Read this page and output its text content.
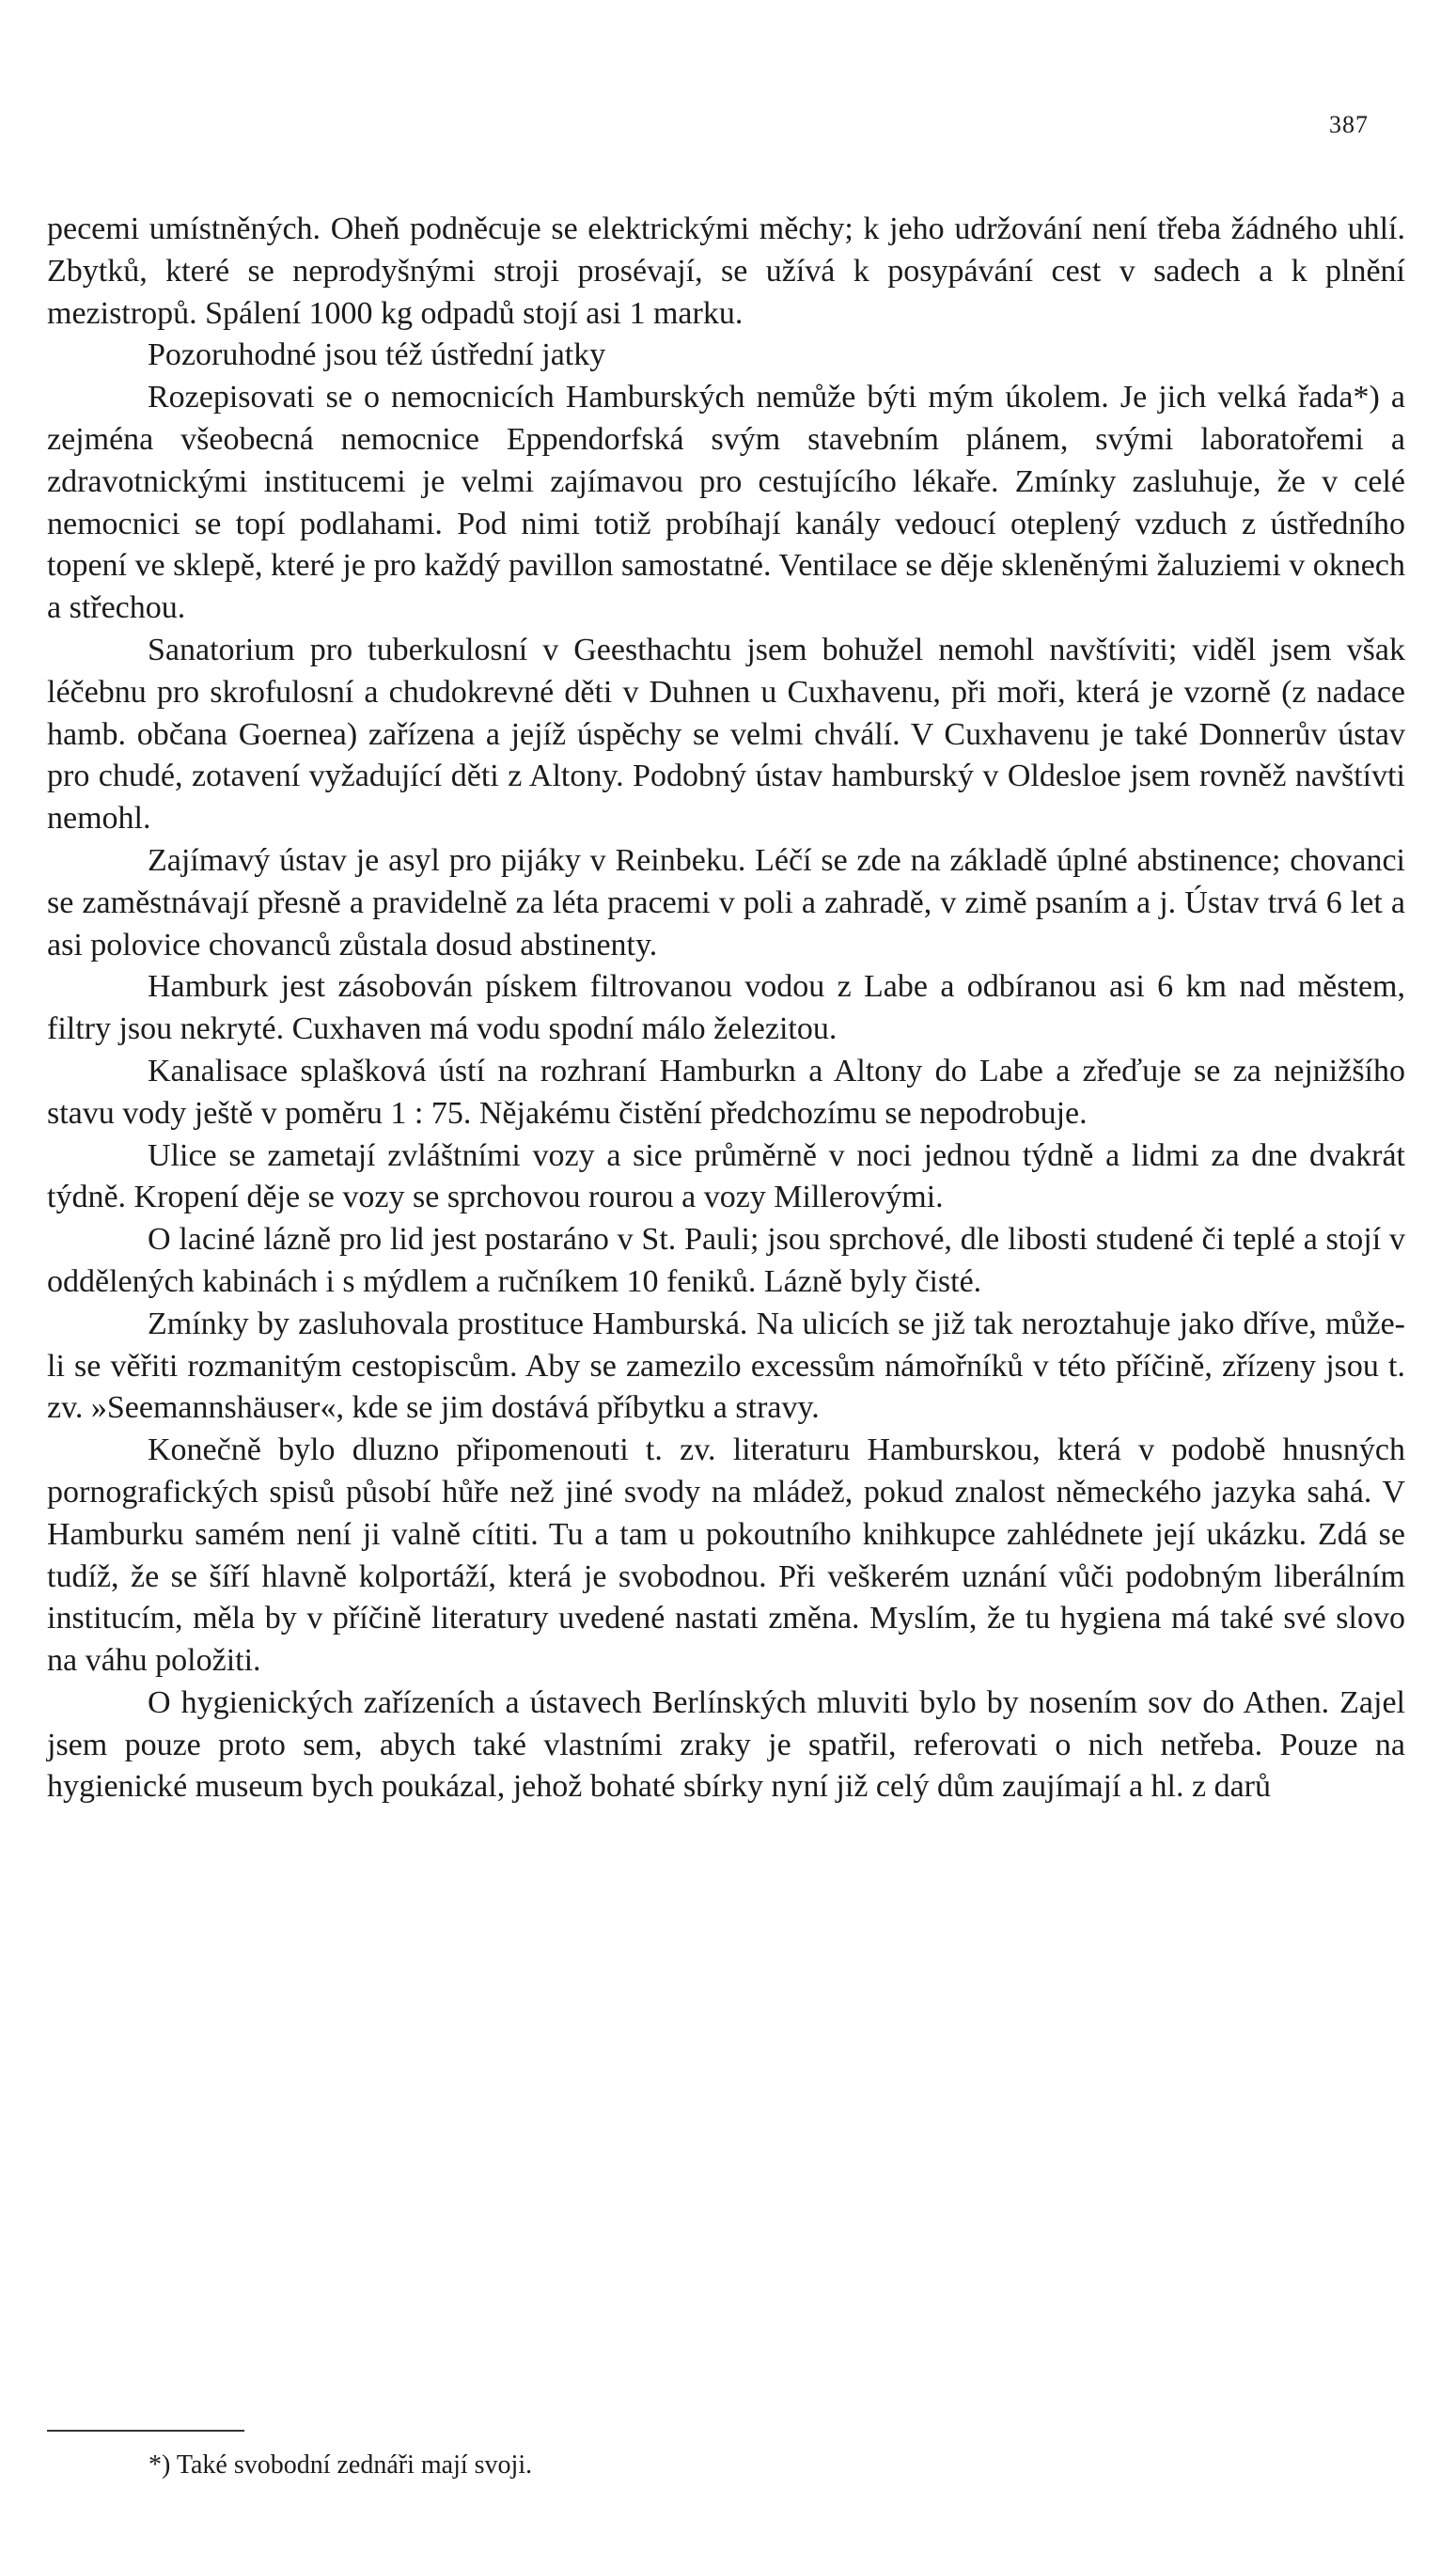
387

pecemi umístněných. Oheň podněcuje se elektrickými měchy; k jeho udržování není třeba žádného uhlí. Zbytků, které se neprodyšnými stroji prosévají, se užívá k posypávání cest v sadech a k plnění mezistropů. Spálení 1000 kg odpadů stojí asi 1 marku.

Pozoruhodné jsou též ústřední jatky

Rozepisovati se o nemocnicích Hamburských nemůže býti mým úkolem. Je jich velká řada*) a zejména všeobecná nemocnice Eppendorfská svým stavebním plánem, svými laboratořemi a zdravotnickými institucemi je velmi zajímavou pro cestujícího lékaře. Zmínky zasluhuje, že v celé nemocnici se topí podlahami. Pod nimi totiž probíhají kanály vedoucí oteplený vzduch z ústředního topení ve sklepě, které je pro každý pavillon samostatné. Ventilace se děje skleněnými žaluziemi v oknech a střechou.

Sanatorium pro tuberkulosní v Geesthachtu jsem bohužel nemohl navštíviti; viděl jsem však léčebnu pro skrofulosní a chudokrevné děti v Duhnen u Cuxhavenu, při moři, která je vzorně (z nadace hamb. občana Goernea) zařízena a jejíž úspěchy se velmi chválí. V Cuxhavenu je také Donnerův ústav pro chudé, zotavení vyžadující děti z Altony. Podobný ústav hamburský v Oldesloe jsem rovněž navštívti nemohl.

Zajímavý ústav je asyl pro pijáky v Reinbeku. Léčí se zde na základě úplné abstinence; chovanci se zaměstnávají přesně a pravidelně za léta pracemi v poli a zahradě, v zimě psaním a j. Ústav trvá 6 let a asi polovice chovanců zůstala dosud abstinenty.

Hamburk jest zásobován pískem filtrovanou vodou z Labe a odbíranou asi 6 km nad městem, filtry jsou nekryté. Cuxhaven má vodu spodní málo železitou.

Kanalisace splašková ústí na rozhraní Hamburkn a Altony do Labe a zřeďuje se za nejnižšího stavu vody ještě v poměru 1 : 75. Nějakému čistění předchozímu se nepodrobuje.

Ulice se zametají zvláštními vozy a sice průměrně v noci jednou týdně a lidmi za dne dvakrát týdně. Kropení děje se vozy se sprchovou rourou a vozy Millerovými.

O laciné lázně pro lid jest postaráno v St. Pauli; jsou sprchové, dle libosti studené či teplé a stojí v oddělených kabinách i s mýdlem a ručníkem 10 feniků. Lázně byly čisté.

Zmínky by zasluhovala prostituce Hamburská. Na ulicích se již tak neroztahuje jako dříve, může-li se věřiti rozmanitým cestopiscům. Aby se zamezilo excessům námořníků v této příčině, zřízeny jsou t. zv. »Seemannshäuser«, kde se jim dostává příbytku a stravy.

Konečně bylo dluzno připomenouti t. zv. literaturu Hamburskou, která v podobě hnusných pornografických spisů působí hůře než jiné svody na mládež, pokud znalost německého jazyka sahá. V Hamburku samém není ji valně cítiti. Tu a tam u pokoutního knihkupce zahlédnete její ukázku. Zdá se tudíž, že se šíří hlavně kolportáží, která je svobodnou. Při veškerém uznání vůči podobným liberálním institucím, měla by v příčině literatury uvedené nastati změna. Myslím, že tu hygiena má také své slovo na váhu položiti.

O hygienických zařízeních a ústavech Berlínských mluviti bylo by nosením sov do Athen. Zajel jsem pouze proto sem, abych také vlastními zraky je spatřil, referovati o nich netřeba. Pouze na hygienické museum bych poukázal, jehož bohaté sbírky nyní již celý dům zaujímají a hl. z darů

*) Také svobodní zednáři mají svoji.
